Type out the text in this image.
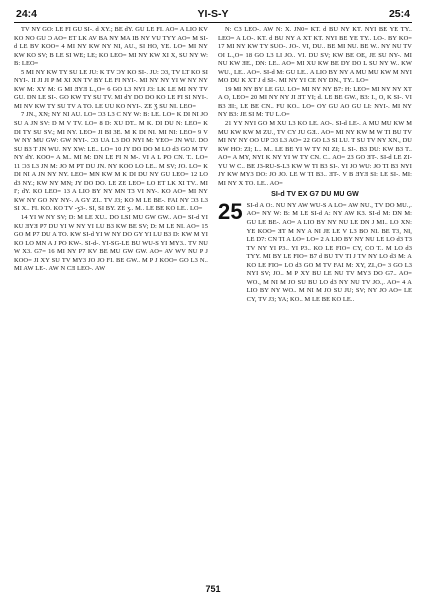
24:4	YI-S-Y	25:4

TV NY GO: LE FI GU SI-. d XY.; BE dY. GU LE FI. AO= A LIO KV KO NO GU Ɔ AO= ET LK AV BA NY MA IB NY VU TYY AO= M SI-d LE BV KOO= 4 MI NY KW NY NI, AU., SI HO, YE. LO= MI NY KW KO SV; B LE SI WE; LE; KO LEO= MI NY KW XI X, SU NY W: B: LEO=

5 MI NY KW TY SU LE JU: K TV ƆY KO SI-. JU: Ɔ3, TV LT KO SI NYI-. II JI JI P M XI XN TV BY LE FI NYI-. MI NY NY YI W NY NY KW M: XY M: G MI ƎYƎ L.,O= 6 GO L3 NYI J3: LK LE MI NY TV GU. DN LE SI-. GO KW TY SU TV. MI dY DO DO KO LE FI SI NYI-. MI NV KW TY SU TV A TO. LE UU KO NYI-. ZE Ʒ SU NI. LEO=

7 JN., XN; NY NI AU. LO= Ɔ3 L3 C NY W: B: LE. LO= K DI NI JO SU A JN SV: D M V TV. LO= 8 D: XU DT.. M K. DI DU N: LEO= K DI TY SU SV.; MI NY. LEO= JI BI 3E. M K DI NI. MI NI: LEO= 9 V W NY MU GW: GW NYI-. Ɔ3 UA L3 DO NYI M: YEO= JN WU. DO SU B3 T JN WU. NY XW: LE.. LO= 10 JY DO DO M LO d3 GO M TV NY dY. KOO= A M.. MI M: DN LE FI N M-. VI A L PO CN. T.. LO= 11 Ɔ3 L3 JN M: JO M PT DU JN. NY KOO LO LE.. M SV; JO. LO= K DI NI A JN NY NY. LEO= MN KW M K DI DU NY GU LEO= 12 LO d3 NY.; KW NY MN; JY DO DO. LE ZE LEO= LO ET LK XI TV.. MI I'; dY. KO LEO= 13 A LIO BY NY MN T3 VI NY-. KO AO= MI NY KW NY GO NY NY-. A GY ZI.. TV J3; KO M LE BE-. FAI NY Ɔ3 L3 SI X.. FI. KO. KO TV -ʒ3-. SI, SI BY. ZE ʒ.. M.. LE BE KO LE.. LO=

14 YI W NY SV; D: M LE XU.. DO LSI MU GW GW.. AO= SI-d YI KU ƎYƎ P7 DU YI W NY YI LU B3 KW BE SV; D: M LE NI. AO= 15 GO M P7 DU A TO. KW SI-d YI W NY DO GY YI LU B3 D: KW M YI KO LO MN A J PO KW-. SI-d-. YI-SG-LE BU WU-S YI MY3.. TV NU W X3. G7= 16 MI NY P7 KV BE MU GW GW. AO= AV WV NU P J KOO= JI XY SU TV MY3 JO JO FI. BE GW.. M P J KOO= GO L3 N.. MI AW LE-. AW N CƎ LEO-. AW

N: C3 LEO-. AW N: X. JN0= KT. d BU NY KT. NYI BE YE TY.. LEO= A LO-. KT. d BU NY A XT KT. NYI BE YE TY.. LO-. BY KO= 17 MI NY KW TY SUO-. JO-. VI, DU.. BE MI NU. BE W.. NY NU TV OI L.,O= 18 GO L3 LI JO.. VI. DU SV; KW BE OE, JE SU NY-. MI NU KW ƎE., DN: LE.. AO= MI XU KW BE DY DO L SU NY W.. KW WU., LE.. AO=. SI-d M: GU LE.. A LIO BY NY A MU MU KW M NYI MO DU K XT J d SI-. MI NY YI CE NY DN., TY.. LO=

19 MI NY BY LE GU. LO= MI NY NY B7: H: LEO= MI NY NY XT A O, LEO= 20 MI NY NY JI ƎT YI; d. LE BE GW., B3: I., O, K SI-. VI B3 ƎI:, LE BE CN.. FU KO.. LO= OY GU AO GU LI: NYI-. MI NY NY B3: JE SI M: TU L.O=

21 YY NYI GO M XU L3 KO LE. AO-. SI-d LE-. A MU MU KW M MU KW KW M ZU., TV CY JU GƎ.. AO= MI NY KW M W TI BU TV MI NY NY OO UP Ɔ3 L3 AO= 22 GO L3 SI LU. T SU TV NY XN., DU KW HO: ZI; L.. M.. LE BE YI W TY NI ZI; L SI-. B3 DU: KW B3 T.. AO= A MY, NYI K NY YI W TY CN. C.. AO= 23 GO ƎT-. SI-d LE ZI-YU W C.. BE J3-RU-S-L3 KW W TI B3 SI-. YI JO WU: JO TI B3 NYI JY KW MY3 DO: JO JO. LE W TI B3.. ƎT-. V B ƎYƎ SI: LE SI-. MI: MI NY X TO. LE.. AO=

SI-d TV EX G7 DU MU GW
25 SI-d A O:. NU NY AW WU-S A LO= AW NU., TV DO MU.,. AO= NY W: B: M LE SI-d A: NY AW K3. SI-d M: DN M: GU LE BE-. AO= A LIO BY NY NU LE DN J MI.. LO XN: YE KOO= ƎT M NY A NI JE LE V L3 BO NI. BE T3, NI, LE D7: CN TI A LO= LO= 2 A LIO BY NY NU LE LO d3 T3 TV NY YI P3.. YI P3.. KO LE FIO= CY, CO T.. M LO d3 TYY. MI BY LE FIO= B7 d BU TV TI J TV NY LO d3 M: A KO LE FIO= LO d3 GO M TV FAI M: XY, ZI.,O= 3 GO L3 NYI SV; JO.. M P XY BU LE NU TV MY3 DO G7.. AO= WO., M NI M JO SU BU LO d3 NY NU TV JO.,. AO= 4 A LIO BY NY WO.. M NI M JO SU JU; SV; NY JO AO= LE CY, TV J3; YA; KO.. M LE BE KO LE..
751
